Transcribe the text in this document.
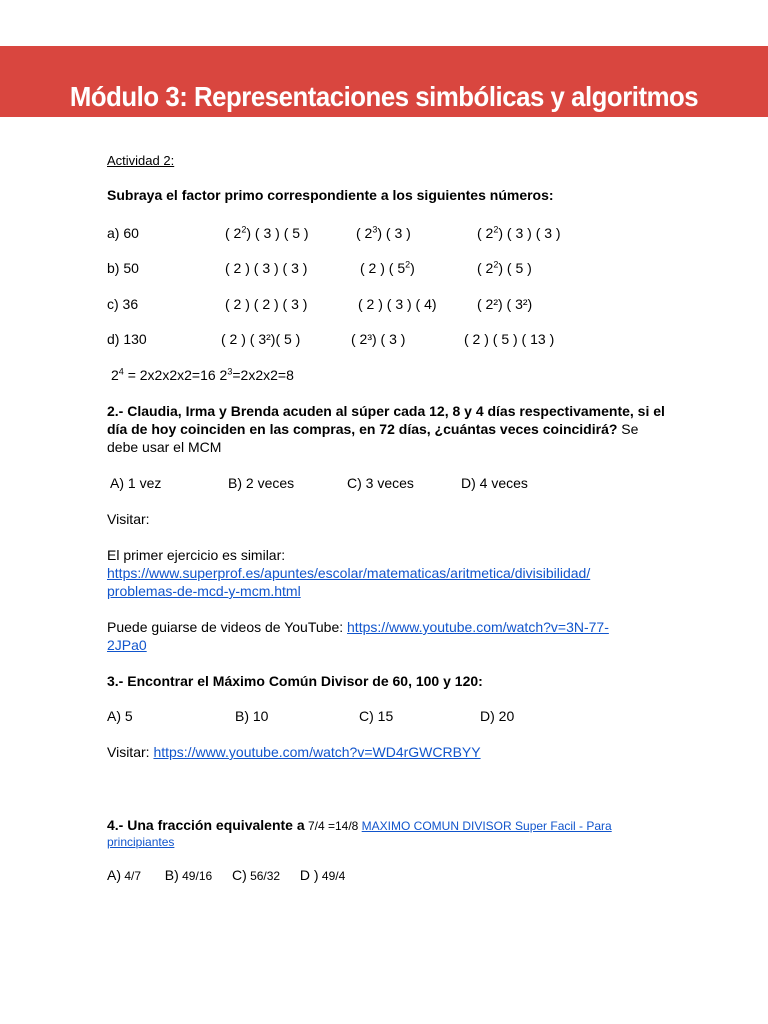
Módulo 3: Representaciones simbólicas y algoritmos
Actividad 2:
Subraya el factor primo correspondiente a los siguientes números:
a) 60	( $2^2$) ( 3 ) ( 5 )	( $2^3$) ( 3 )	( $2^2$) ( 3 ) ( 3 )
b) 50	( 2 ) ( 3 ) ( 3 )	( 2 ) ( $5^2$)	( $2^2$) ( 5 )
c) 36	( 2 ) ( 2 ) ( 3 )	( 2 ) ( 3 ) ( 4)	( 2²) ( 3²)
d) 130	( 2 ) ( 3²)( 5 )	( 2³) ( 3 )	( 2 ) ( 5 ) ( 13 )
$2^4 = 2x2x2x2=16$ $2^3=2x2x2=8$
2.- Claudia, Irma y Brenda acuden al súper cada 12, 8 y 4 días respectivamente, si el día de hoy coinciden en las compras, en 72 días, ¿cuántas veces coincidirá? Se debe usar el MCM
A) 1 vez	B) 2 veces	C) 3 veces	D) 4 veces
Visitar:
El primer ejercicio es similar:
https://www.superprof.es/apuntes/escolar/matematicas/aritmetica/divisibilidad/
problemas-de-mcd-y-mcm.html
Puede guiarse de videos de YouTube: https://www.youtube.com/watch?v=3N-77-
2JPa0
3.- Encontrar el Máximo Común Divisor de 60, 100 y 120:
A) 5	B) 10	C) 15	D) 20
Visitar: https://www.youtube.com/watch?v=WD4rGWCRBYY
4.- Una fracción equivalente a 7/4 =14/8 MAXIMO COMUN DIVISOR Super Facil - Para
principiantes
A) 4/7 B) 49/16 C) 56/32 D ) 49/4
